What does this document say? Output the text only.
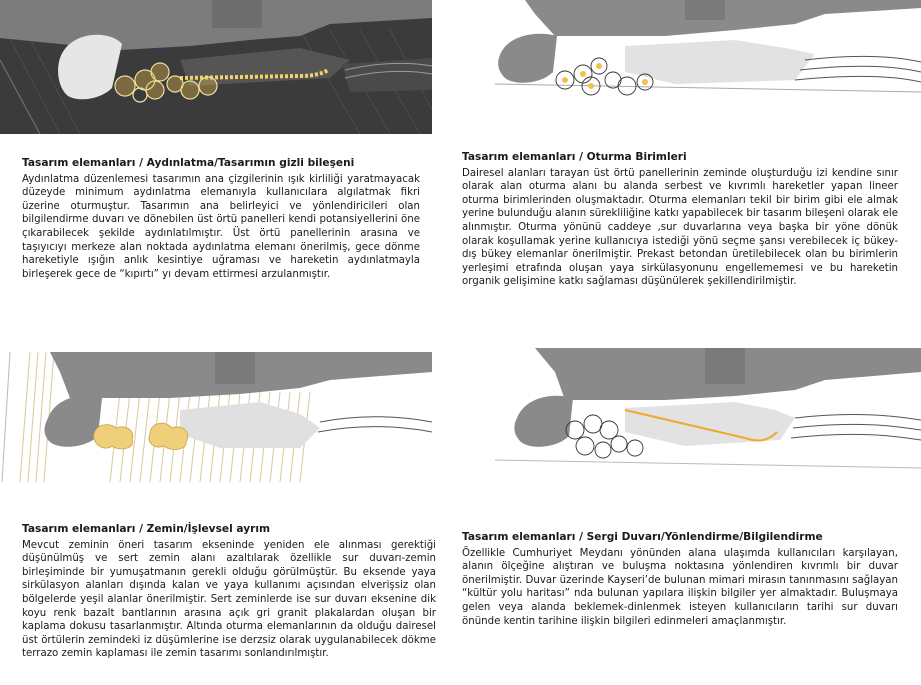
Tasarım elemanları / Aydınlatma/Tasarımın gizli bileşeni

Aydınlatma düzenlemesi tasarımın ana çizgilerinin ışık kirliliği yaratmayacak düzeyde minimum aydınlatma elemanıyla kullanıcılara algılatmak fikri üzerine oturmuştur. Tasarımın ana belirleyici ve yönlendiricileri olan bilgilendirme duvarı ve dönebilen üst örtü panelleri kendi potansiyellerini öne çıkarabilecek şekilde aydınlatılmıştır. Üst örtü panellerinin arasına ve taşıyıcıyı merkeze alan noktada aydınlatma elemanı önerilmiş, gece dönme hareketiyle ışığın anlık kesintiye uğraması ve hareketin aydınlatmayla birleşerek gece de “kıpırtı” yı devam ettirmesi arzulanmıştır.

Tasarım elemanları / Oturma Birimleri

Dairesel alanları tarayan üst örtü panellerinin zeminde oluşturduğu izi kendine sınır olarak alan oturma alanı bu alanda serbest ve kıvrımlı hareketler yapan lineer oturma birimlerinden oluşmaktadır. Oturma elemanları tekil bir birim gibi ele almak yerine bulunduğu alanın sürekliliğine katkı yapabilecek bir tasarım bileşeni olarak ele alınmıştır. Oturma yönünü caddeye ,sur duvarlarına veya başka bir yöne dönük olarak koşullamak yerine kullanıcıya istediği yönü seçme şansı verebilecek iç bükey-dış bükey elemanlar önerilmiştir. Prekast betondan üretilebilecek olan bu birimlerin yerleşimi etrafında oluşan yaya sirkülasyonunu engellememesi ve bu hareketin organik gelişimine katkı sağlaması düşünülerek şekillendirilmiştir.

Tasarım elemanları / Zemin/İşlevsel ayrım

Mevcut zeminin öneri tasarım ekseninde yeniden ele alınması gerektiği düşünülmüş ve sert zemin alanı azaltılarak özellikle sur duvarı-zemin birleşiminde bir yumuşatmanın gerekli olduğu görülmüştür. Bu eksende yaya sirkülasyon alanları dışında kalan ve yaya kullanımı açısından elverişsiz olan bölgelerde yeşil alanlar önerilmiştir. Sert zeminlerde ise sur duvarı eksenine dik koyu renk bazalt bantlarının arasına açık gri granit plakalardan oluşan bir kaplama dokusu tasarlanmıştır. Altında oturma elemanlarının da olduğu dairesel üst örtülerin zemindeki iz düşümlerine ise derzsiz olarak uygulanabilecek dökme terrazo zemin kaplaması ile zemin tasarımı sonlandırılmıştır.

Tasarım elemanları / Sergi Duvarı/Yönlendirme/Bilgilendirme

Özellikle Cumhuriyet Meydanı yönünden alana ulaşımda kullanıcıları karşılayan, alanın ölçeğine alıştıran ve buluşma noktasına yönlendiren kıvrımlı bir duvar önerilmiştir. Duvar üzerinde Kayseri’de bulunan mimari mirasın tanınmasını sağlayan “kültür yolu haritası” nda bulunan yapılara ilişkin bilgiler yer almaktadır. Buluşmaya gelen veya alanda beklemek-dinlenmek isteyen kullanıcıların tarihi sur duvarı önünde kentin tarihine ilişkin bilgileri edinmeleri amaçlanmıştır.
